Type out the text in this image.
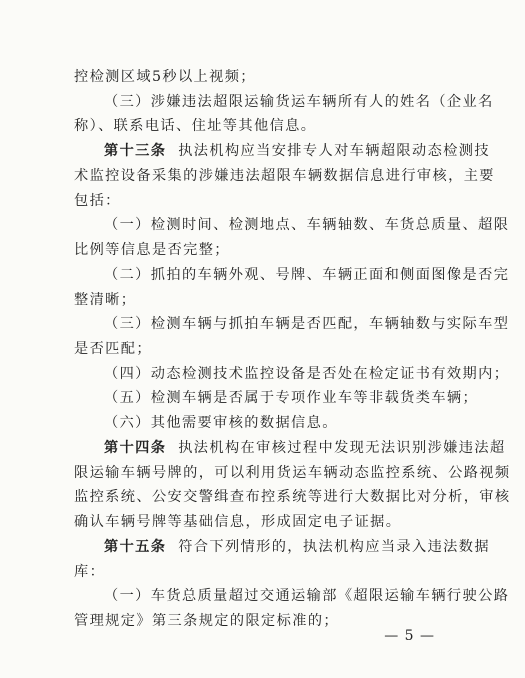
控检测区域5秒以上视频；
（三）涉嫌违法超限运输货运车辆所有人的姓名（企业名
称）、联系电话、住址等其他信息。
第十三条 执法机构应当安排专人对车辆超限动态检测技
术监控设备采集的涉嫌违法超限车辆数据信息进行审核，主要
包括：
（一）检测时间、检测地点、车辆轴数、车货总质量、超限
比例等信息是否完整；
（二）抓拍的车辆外观、号牌、车辆正面和侧面图像是否完
整清晰；
（三）检测车辆与抓拍车辆是否匹配，车辆轴数与实际车型
是否匹配；
（四）动态检测技术监控设备是否处在检定证书有效期内；
（五）检测车辆是否属于专项作业车等非载货类车辆；
（六）其他需要审核的数据信息。
第十四条 执法机构在审核过程中发现无法识别涉嫌违法超
限运输车辆号牌的，可以利用货运车辆动态监控系统、公路视频
监控系统、公安交警缉查布控系统等进行大数据比对分析，审核
确认车辆号牌等基础信息，形成固定电子证据。
第十五条 符合下列情形的，执法机构应当录入违法数据
库：
（一）车货总质量超过交通运输部《超限运输车辆行驶公路
管理规定》第三条规定的限定标准的；
— 5 —
